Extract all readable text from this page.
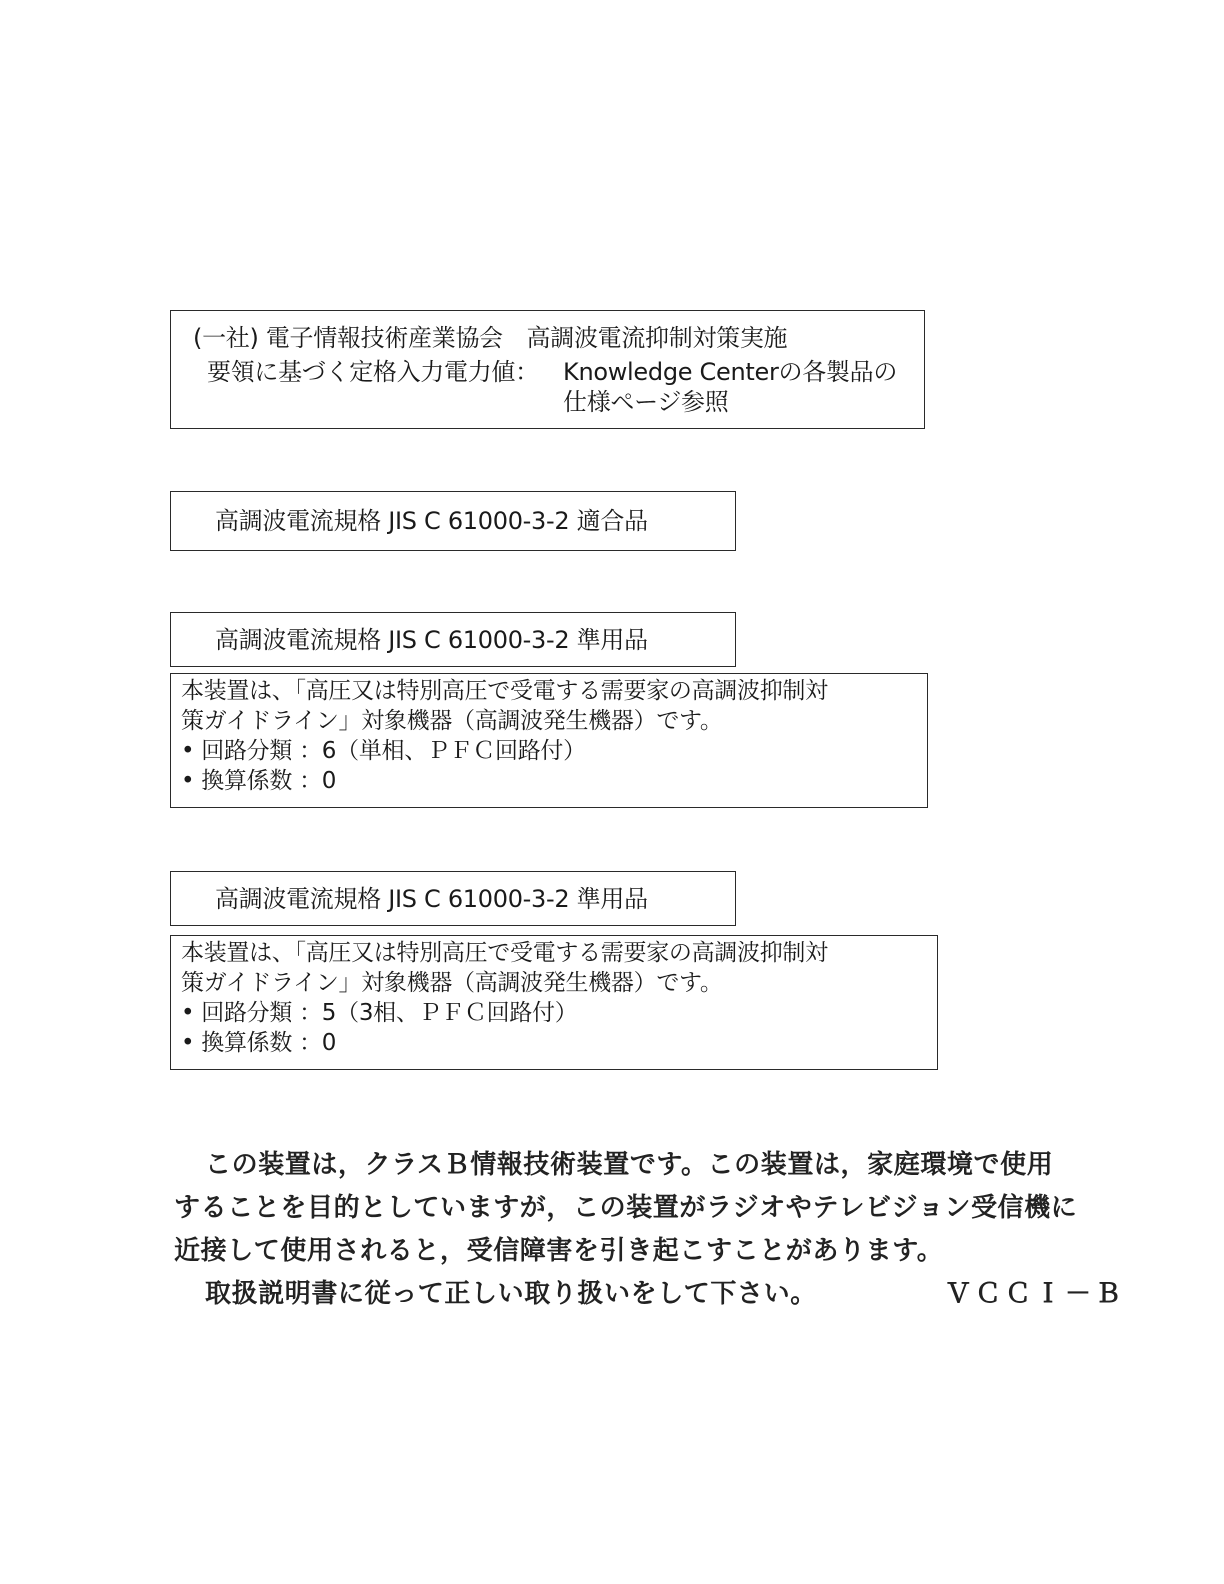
(一社) 電子情報技術産業協会　高調波電流抑制対策実施
要領に基づく定格入力電力値： Knowledge Centerの各製品の
仕様ページ参照
高調波電流規格 JIS C 61000-3-2 適合品
高調波電流規格 JIS C 61000-3-2 準用品
本装置は、「高圧又は特別高圧で受電する需要家の高調波抑制対
策ガイドライン」対象機器（高調波発生機器）です。
• 回路分類 ：6（単相、ＰＦＣ回路付）
• 換算係数 ：0
高調波電流規格 JIS C 61000-3-2 準用品
本装置は、「高圧又は特別高圧で受電する需要家の高調波抑制対
策ガイドライン」対象機器（高調波発生機器）です。
• 回路分類 ：5（3相、ＰＦＣ回路付）
• 換算係数 ：0
この装置は，クラスＢ情報技術装置です。この装置は，家庭環境で使用
することを目的としていますが，この装置がラジオやテレビジョン受信機に
近接して使用されると，受信障害を引き起こすことがあります。
取扱説明書に従って正しい取り扱いをして下さい。	ＶＣＣＩ－Ｂ
